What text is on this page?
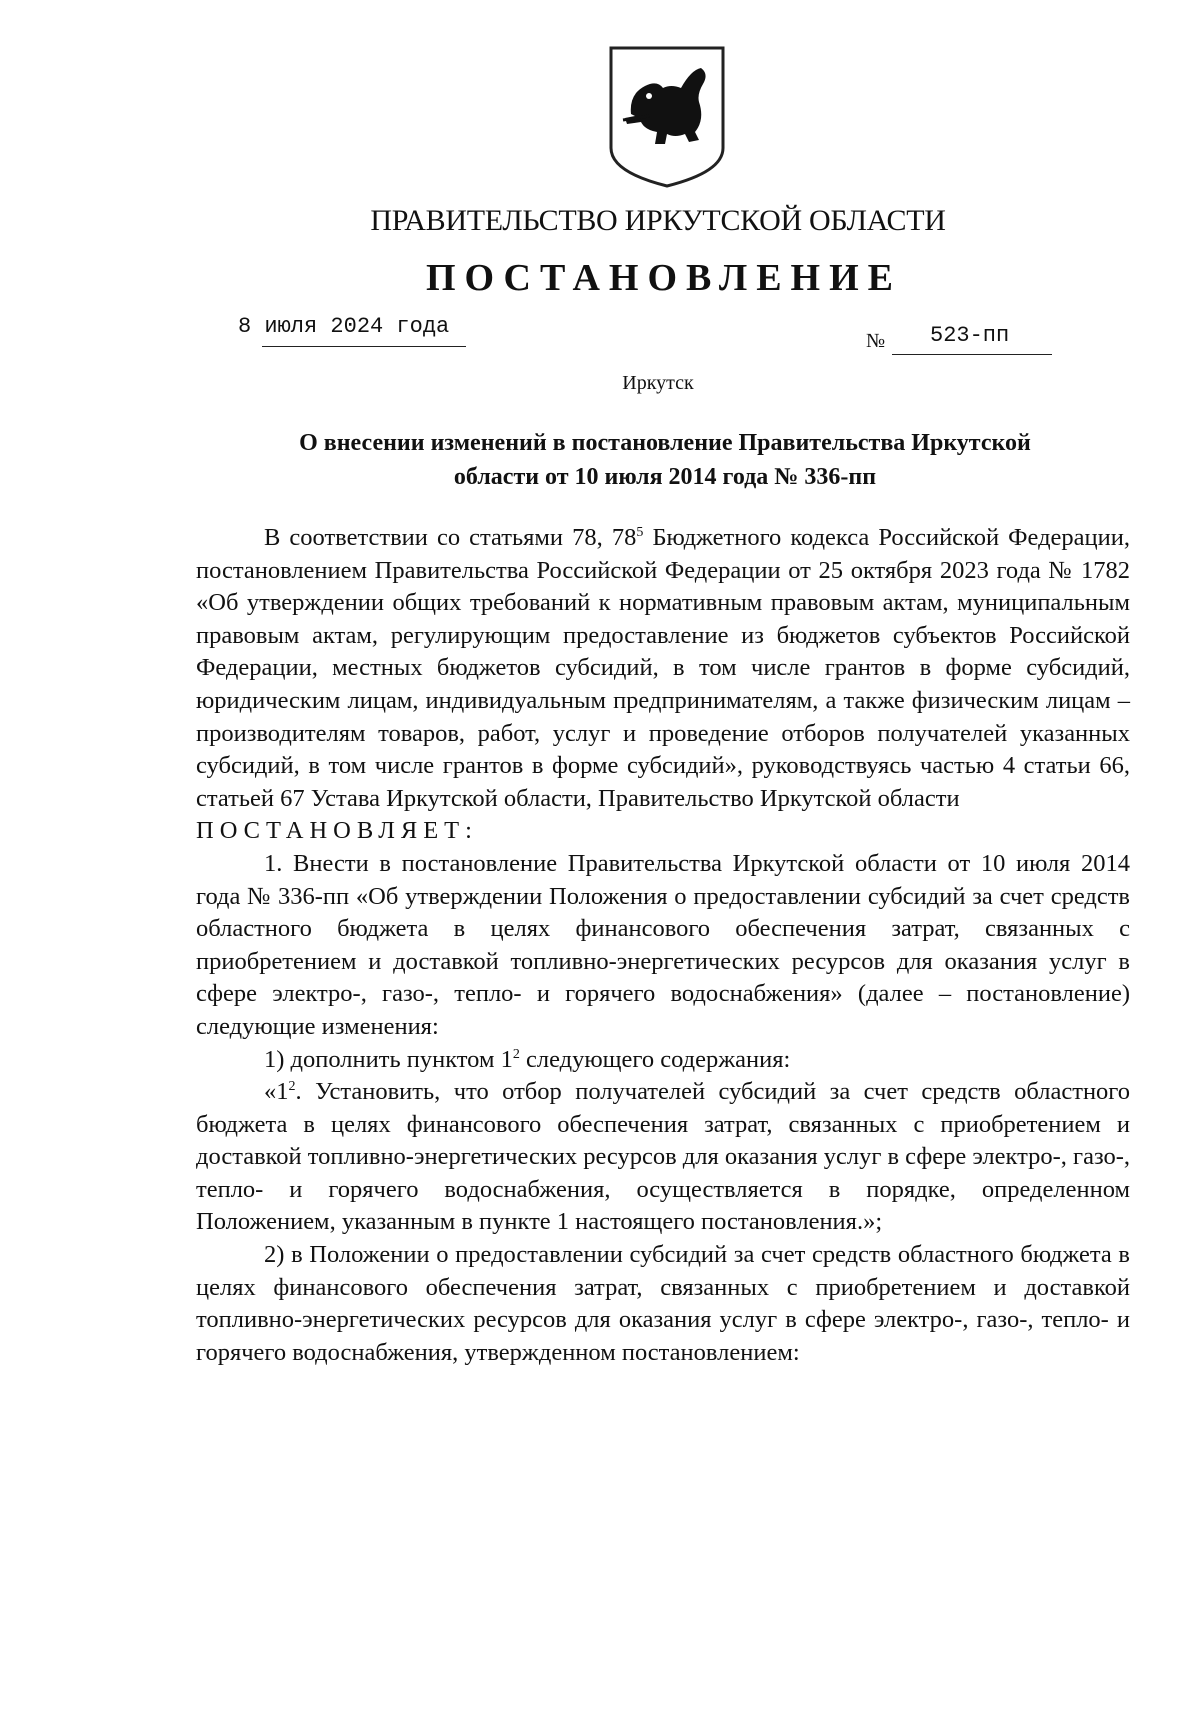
ПРАВИТЕЛЬСТВО ИРКУТСКОЙ ОБЛАСТИ
ПОСТАНОВЛЕНИЕ
8 июля 2024 года
№ 523-пп
Иркутск
О внесении изменений в постановление Правительства Иркутской
области от 10 июля 2014 года № 336-пп

В соответствии со статьями 78, $78^5$ Бюджетного кодекса Российской Федерации, постановлением Правительства Российской Федерации от 25 октября 2023 года № 1782 «Об утверждении общих требований к нормативным правовым актам, муниципальным правовым актам, регулирующим предоставление из бюджетов субъектов Российской Федерации, местных бюджетов субсидий, в том числе грантов в форме субсидий, юридическим лицам, индивидуальным предпринимателям, а также физическим лицам – производителям товаров, работ, услуг и проведение отборов получателей указанных субсидий, в том числе грантов в форме субсидий», руководствуясь частью 4 статьи 66, статьей 67 Устава Иркутской области, Правительство Иркутской области

ПОСТАНОВЛЯЕТ:

1. Внести в постановление Правительства Иркутской области от 10 июля 2014 года № 336-пп «Об утверждении Положения о предоставлении субсидий за счет средств областного бюджета в целях финансового обеспечения затрат, связанных с приобретением и доставкой топливно-энергетических ресурсов для оказания услуг в сфере электро-, газо-, тепло- и горячего водоснабжения» (далее – постановление) следующие изменения:

1) дополнить пунктом $1^2$ следующего содержания:

«$1^2$. Установить, что отбор получателей субсидий за счет средств областного бюджета в целях финансового обеспечения затрат, связанных с приобретением и доставкой топливно-энергетических ресурсов для оказания услуг в сфере электро-, газо-, тепло- и горячего водоснабжения, осуществляется в порядке, определенном Положением, указанным в пункте 1 настоящего постановления.»;

2) в Положении о предоставлении субсидий за счет средств областного бюджета в целях финансового обеспечения затрат, связанных с приобретением и доставкой топливно-энергетических ресурсов для оказания услуг в сфере электро-, газо-, тепло- и горячего водоснабжения, утвержденном постановлением:
